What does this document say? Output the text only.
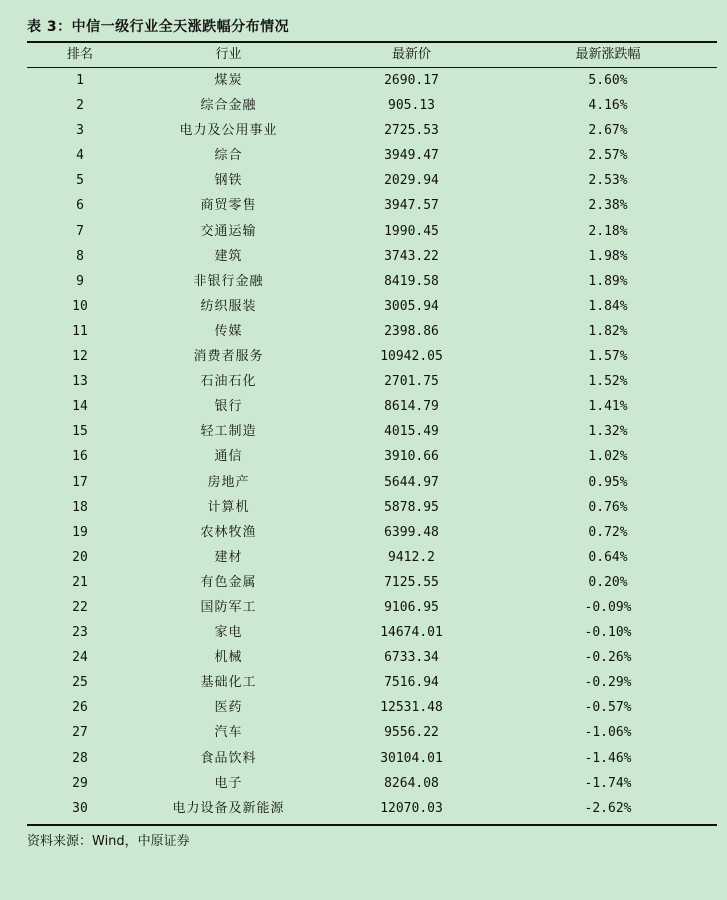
表 3：中信一级行业全天涨跌幅分布情况
排名	行业	最新价	最新涨跌幅
1	煤炭	2690.17	5.60%
2	综合金融	905.13	4.16%
3	电力及公用事业	2725.53	2.67%
4	综合	3949.47	2.57%
5	钢铁	2029.94	2.53%
6	商贸零售	3947.57	2.38%
7	交通运输	1990.45	2.18%
8	建筑	3743.22	1.98%
9	非银行金融	8419.58	1.89%
10	纺织服装	3005.94	1.84%
11	传媒	2398.86	1.82%
12	消费者服务	10942.05	1.57%
13	石油石化	2701.75	1.52%
14	银行	8614.79	1.41%
15	轻工制造	4015.49	1.32%
16	通信	3910.66	1.02%
17	房地产	5644.97	0.95%
18	计算机	5878.95	0.76%
19	农林牧渔	6399.48	0.72%
20	建材	9412.2	0.64%
21	有色金属	7125.55	0.20%
22	国防军工	9106.95	-0.09%
23	家电	14674.01	-0.10%
24	机械	6733.34	-0.26%
25	基础化工	7516.94	-0.29%
26	医药	12531.48	-0.57%
27	汽车	9556.22	-1.06%
28	食品饮料	30104.01	-1.46%
29	电子	8264.08	-1.74%
30	电力设备及新能源	12070.03	-2.62%
资料来源：Wind，中原证券
